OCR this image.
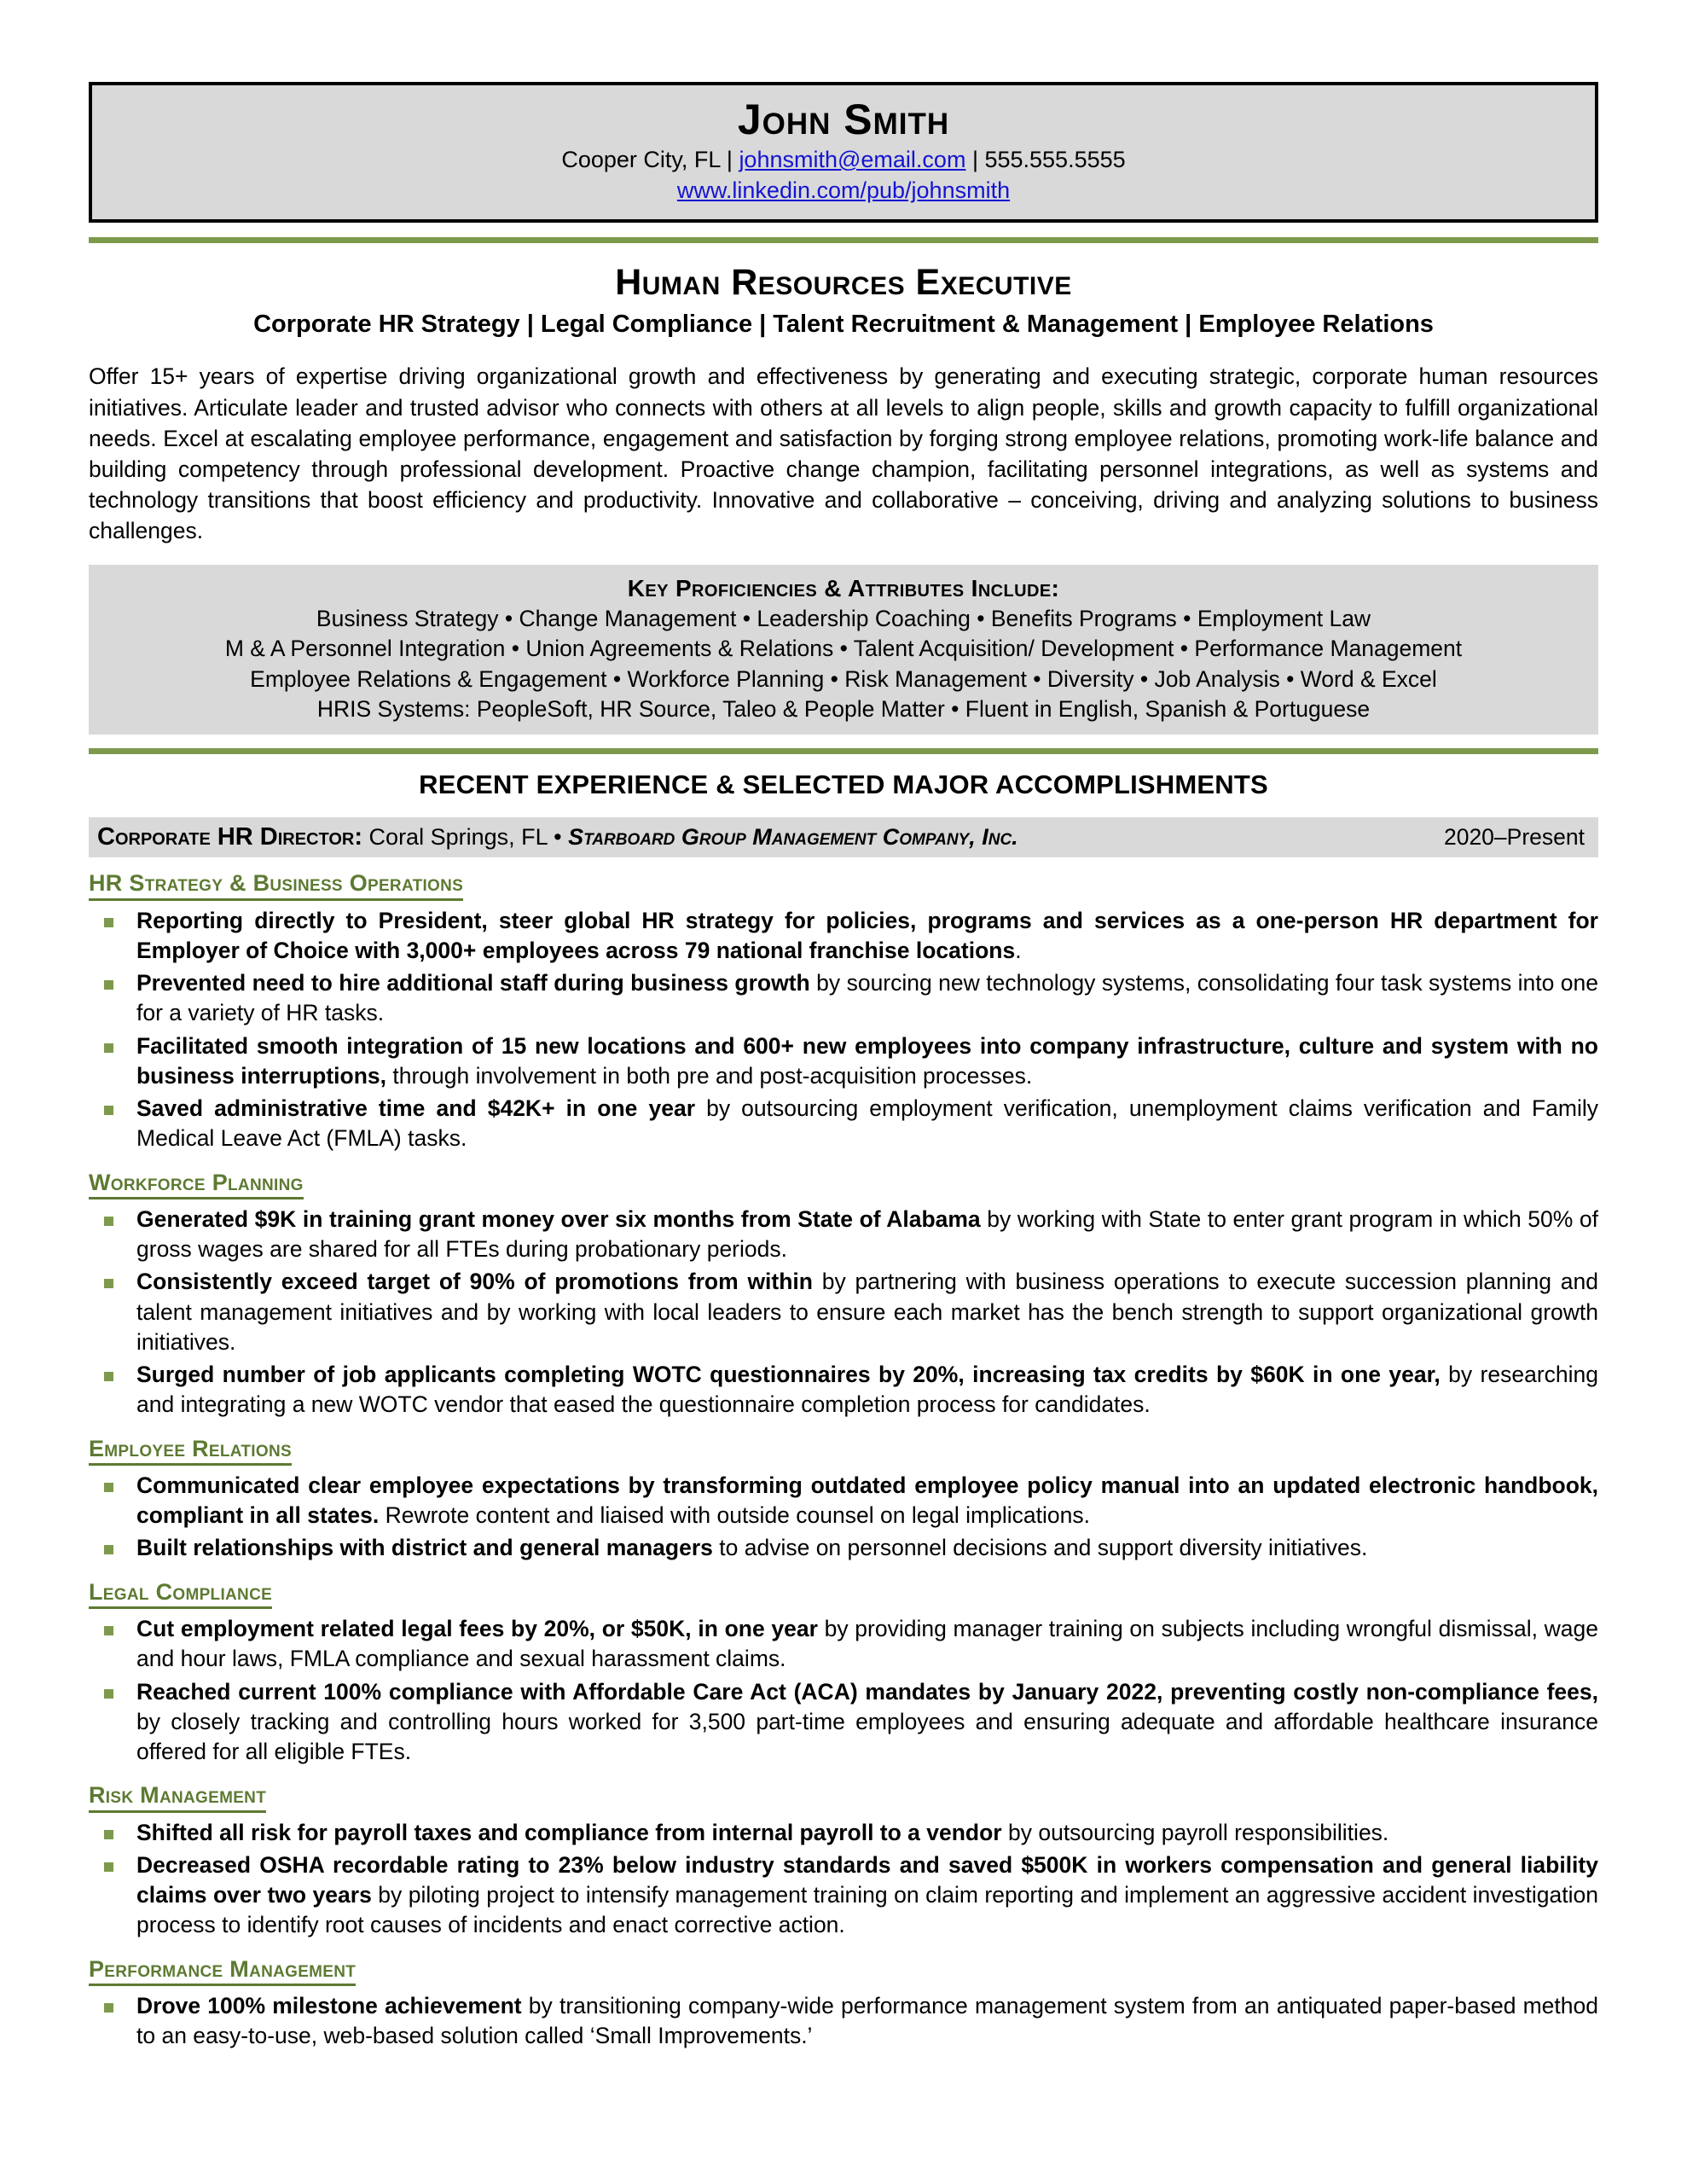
John Smith
Cooper City, FL | johnsmith@email.com | 555.555.5555
www.linkedin.com/pub/johnsmith
Human Resources Executive
Corporate HR Strategy | Legal Compliance | Talent Recruitment & Management | Employee Relations
Offer 15+ years of expertise driving organizational growth and effectiveness by generating and executing strategic, corporate human resources initiatives. Articulate leader and trusted advisor who connects with others at all levels to align people, skills and growth capacity to fulfill organizational needs. Excel at escalating employee performance, engagement and satisfaction by forging strong employee relations, promoting work-life balance and building competency through professional development. Proactive change champion, facilitating personnel integrations, as well as systems and technology transitions that boost efficiency and productivity. Innovative and collaborative – conceiving, driving and analyzing solutions to business challenges.
Key Proficiencies & Attributes Include:
Business Strategy • Change Management • Leadership Coaching • Benefits Programs • Employment Law
M & A Personnel Integration • Union Agreements & Relations • Talent Acquisition/ Development • Performance Management
Employee Relations & Engagement • Workforce Planning • Risk Management • Diversity • Job Analysis • Word & Excel
HRIS Systems: PeopleSoft, HR Source, Taleo & People Matter • Fluent in English, Spanish & Portuguese
RECENT EXPERIENCE & SELECTED MAJOR ACCOMPLISHMENTS
Corporate HR Director: Coral Springs, FL • Starboard Group Management Company, Inc.	2020–Present
HR Strategy & Business Operations
Reporting directly to President, steer global HR strategy for policies, programs and services as a one-person HR department for Employer of Choice with 3,000+ employees across 79 national franchise locations.
Prevented need to hire additional staff during business growth by sourcing new technology systems, consolidating four task systems into one for a variety of HR tasks.
Facilitated smooth integration of 15 new locations and 600+ new employees into company infrastructure, culture and system with no business interruptions, through involvement in both pre and post-acquisition processes.
Saved administrative time and $42K+ in one year by outsourcing employment verification, unemployment claims verification and Family Medical Leave Act (FMLA) tasks.
Workforce Planning
Generated $9K in training grant money over six months from State of Alabama by working with State to enter grant program in which 50% of gross wages are shared for all FTEs during probationary periods.
Consistently exceed target of 90% of promotions from within by partnering with business operations to execute succession planning and talent management initiatives and by working with local leaders to ensure each market has the bench strength to support organizational growth initiatives.
Surged number of job applicants completing WOTC questionnaires by 20%, increasing tax credits by $60K in one year, by researching and integrating a new WOTC vendor that eased the questionnaire completion process for candidates.
Employee Relations
Communicated clear employee expectations by transforming outdated employee policy manual into an updated electronic handbook, compliant in all states. Rewrote content and liaised with outside counsel on legal implications.
Built relationships with district and general managers to advise on personnel decisions and support diversity initiatives.
Legal Compliance
Cut employment related legal fees by 20%, or $50K, in one year by providing manager training on subjects including wrongful dismissal, wage and hour laws, FMLA compliance and sexual harassment claims.
Reached current 100% compliance with Affordable Care Act (ACA) mandates by January 2022, preventing costly non-compliance fees, by closely tracking and controlling hours worked for 3,500 part-time employees and ensuring adequate and affordable healthcare insurance offered for all eligible FTEs.
Risk Management
Shifted all risk for payroll taxes and compliance from internal payroll to a vendor by outsourcing payroll responsibilities.
Decreased OSHA recordable rating to 23% below industry standards and saved $500K in workers compensation and general liability claims over two years by piloting project to intensify management training on claim reporting and implement an aggressive accident investigation process to identify root causes of incidents and enact corrective action.
Performance Management
Drove 100% milestone achievement by transitioning company-wide performance management system from an antiquated paper-based method to an easy-to-use, web-based solution called ‘Small Improvements.’
